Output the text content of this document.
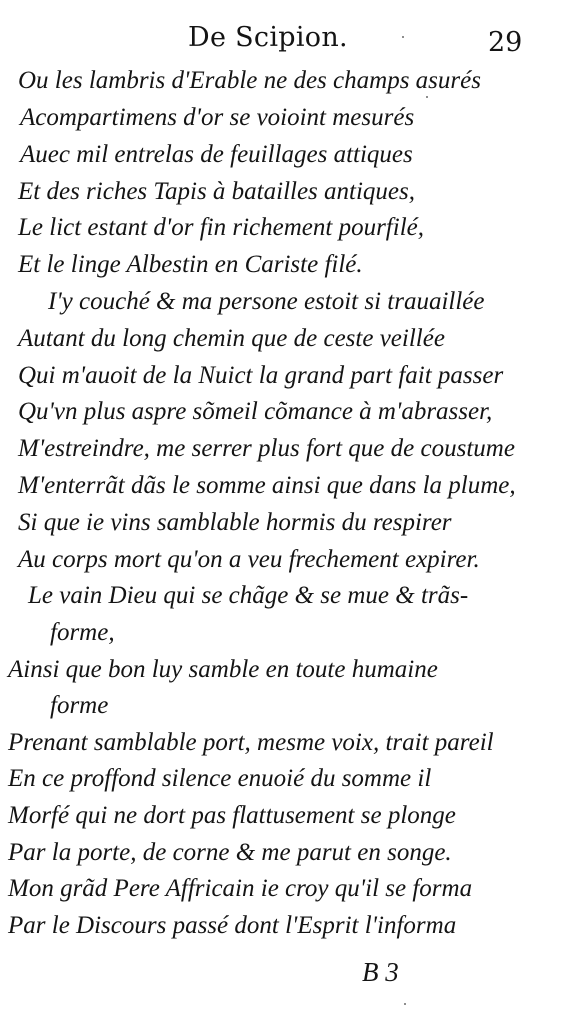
De Scipion.	29
Ou les lambris d'Erable ne des champs asurés
Acompartimens d'or se voioint mesurés
Auec mil entrelas de feuillages attiques
Et des riches Tapis à batailles antiques,
Le lict estant d'or fin richement pourfilé,
Et le linge Albestin en Cariste filé.
I'y couché & ma persone estoit si trauaillée
Autant du long chemin que de ceste veillée
Qui m'auoit de la Nuict la grand part fait passer
Qu'vn plus aspre sõmeil cõmance à m'abrasser,
M'estreindre, me serrer plus fort que de coustume
M'enterrãt dãs le somme ainsi que dans la plume,
Si que ie vins samblable hormis du respirer
Au corps mort qu'on a veu frechement expirer.
Le vain Dieu qui se chãge & se mue & trãs-
forme,
Ainsi que bon luy samble en toute humaine
forme
Prenant samblable port, mesme voix, trait pareil
En ce proffond silence enuoié du somme il
Morfé qui ne dort pas flattusement se plonge
Par la porte, de corne & me parut en songe.
Mon grãd Pere Affricain ie croy qu'il se forma
Par le Discours passé dont l'Esprit l'informa
B 3
